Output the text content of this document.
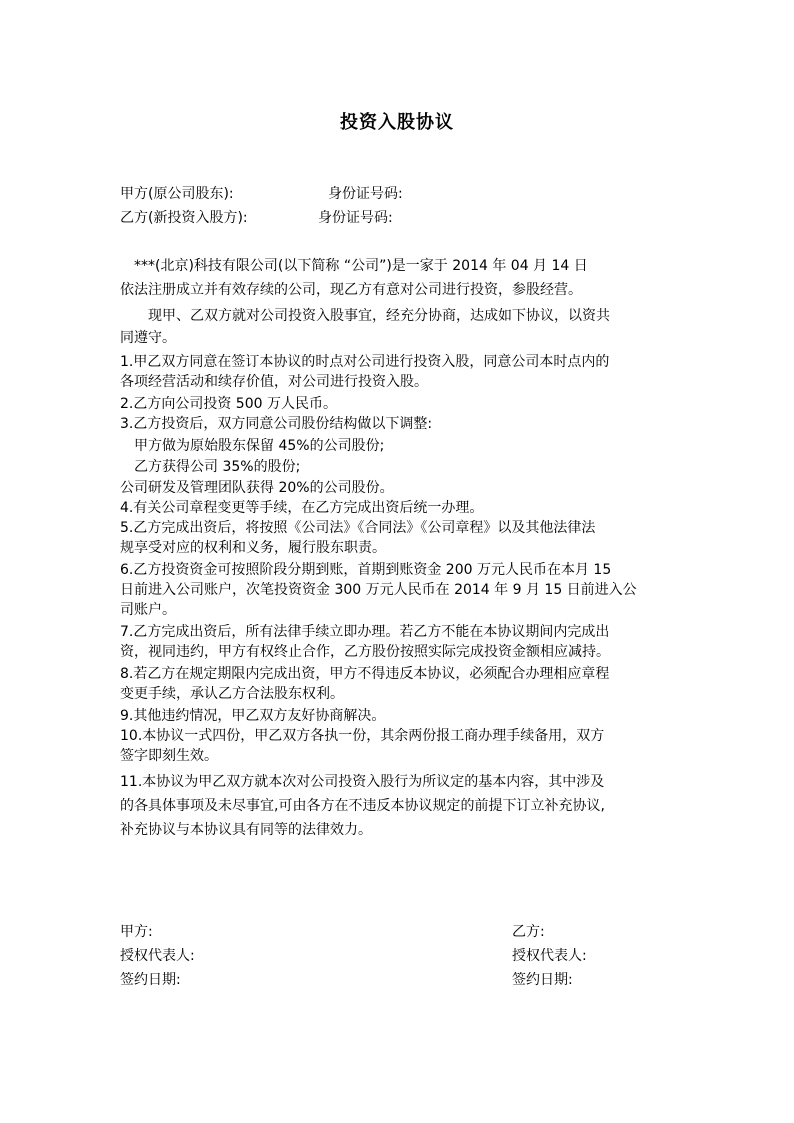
投资入股协议
甲方(原公司股东):	身份证号码:
乙方(新投资入股方):	身份证号码:
***(北京)科技有限公司(以下简称 “公司”)是一家于 2014 年 04 月 14 日
依法注册成立并有效存续的公司，现乙方有意对公司进行投资，参股经营。
现甲、乙双方就对公司投资入股事宜，经充分协商，达成如下协议，以资共
同遵守。
1.甲乙双方同意在签订本协议的时点对公司进行投资入股，同意公司本时点内的
各项经营活动和续存价值，对公司进行投资入股。
2.乙方向公司投资 500 万人民币。
3.乙方投资后，双方同意公司股份结构做以下调整:
甲方做为原始股东保留 45%的公司股份;
乙方获得公司 35%的股份;
公司研发及管理团队获得 20%的公司股份。
4.有关公司章程变更等手续，在乙方完成出资后统一办理。
5.乙方完成出资后，将按照《公司法》《合同法》《公司章程》以及其他法律法
规享受对应的权利和义务，履行股东职责。
6.乙方投资资金可按照阶段分期到账，首期到账资金 200 万元人民币在本月 15
日前进入公司账户，次笔投资资金 300 万元人民币在 2014 年 9 月 15 日前进入公
司账户。
7.乙方完成出资后，所有法律手续立即办理。若乙方不能在本协议期间内完成出
资，视同违约，甲方有权终止合作，乙方股份按照实际完成投资金额相应减持。
8.若乙方在规定期限内完成出资，甲方不得违反本协议，必须配合办理相应章程
变更手续，承认乙方合法股东权利。
9.其他违约情况，甲乙双方友好协商解决。
10.本协议一式四份，甲乙双方各执一份，其余两份报工商办理手续备用，双方
签字即刻生效。
11.本协议为甲乙双方就本次对公司投资入股行为所议定的基本内容，其中涉及
的各具体事项及未尽事宜,可由各方在不违反本协议规定的前提下订立补充协议,
补充协议与本协议具有同等的法律效力。
甲方:
授权代表人:
签约日期:
乙方:
授权代表人:
签约日期:
